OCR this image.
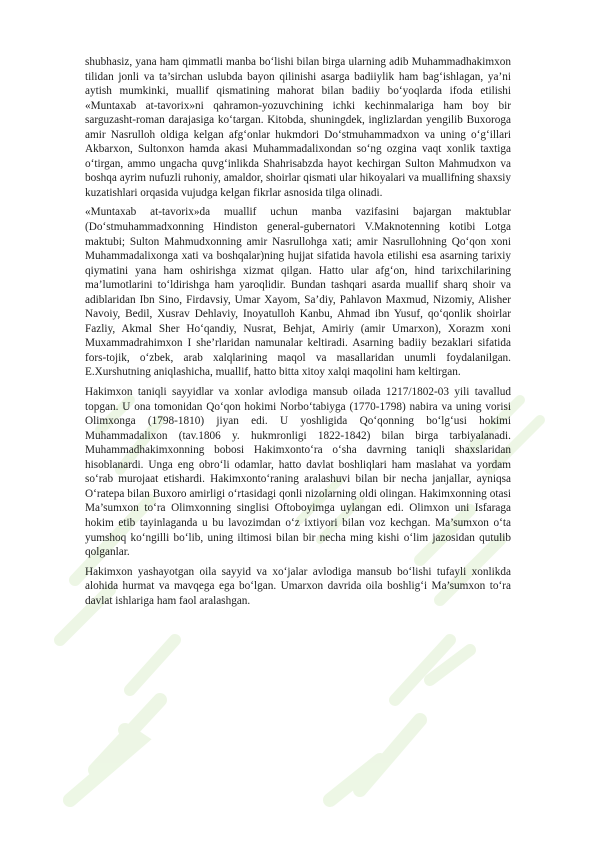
shubhasiz, yana ham qimmatli manba bo‘lishi bilan birga ularning adib Muhammadhakimxon tilidan jonli va ta’sirchan uslubda bayon qilinishi asarga badiiylik ham bag‘ishlagan, ya’ni aytish mumkinki, muallif qismatining mahorat bilan badiiy bo‘yoqlarda ifoda etilishi «Muntaxab at-tavorix»ni qahramon-yozuvchining ichki kechinmalariga ham boy bir sarguzasht-roman darajasiga ko‘targan. Kitobda, shuningdek, inglizlardan yengilib Buxoroga amir Nasrulloh oldiga kelgan afg‘onlar hukmdori Do‘stmuhammadxon va uning o‘g‘illari Akbarxon, Sultonxon hamda akasi Muhammadalixondan so‘ng ozgina vaqt xonlik taxtiga o‘tirgan, ammo ungacha quvg‘inlikda Shahrisabzda hayot kechirgan Sulton Mahmudxon va boshqa ayrim nufuzli ruhoniy, amaldor, shoirlar qismati ular hikoyalari va muallifning shaxsiy kuzatishlari orqasida vujudga kelgan fikrlar asnosida tilga olinadi.

«Muntaxab at-tavorix»da muallif uchun manba vazifasini bajargan maktublar (Do‘stmuhammadxonning Hindiston general-gubernatori V.Maknotenning kotibi Lotga maktubi; Sulton Mahmudxonning amir Nasrullohga xati; amir Nasrullohning Qo‘qon xoni Muhammadalixonga xati va boshqalar)ning hujjat sifatida havola etilishi esa asarning tarixiy qiymatini yana ham oshirishga xizmat qilgan. Hatto ular afg‘on, hind tarixchilarining ma’lumotlarini to‘ldirishga ham yaroqlidir. Bundan tashqari asarda muallif sharq shoir va adiblaridan Ibn Sino, Firdavsiy, Umar Xayom, Sa’diy, Pahlavon Maxmud, Nizomiy, Alisher Navoiy, Bedil, Xusrav Dehlaviy, Inoyatulloh Kanbu, Ahmad ibn Yusuf, qo‘qonlik shoirlar Fazliy, Akmal Sher Ho‘qandiy, Nusrat, Behjat, Amiriy (amir Umarxon), Xorazm xoni Muxammadrahimxon I she’rlaridan namunalar keltiradi. Asarning badiiy bezaklari sifatida fors-tojik, o‘zbek, arab xalqlarining maqol va masallaridan unumli foydalanilgan. E.Xurshutning aniqlashicha, muallif, hatto bitta xitoy xalqi maqolini ham keltirgan.

Hakimxon taniqli sayyidlar va xonlar avlodiga mansub oilada 1217/1802-03 yili tavallud topgan. U ona tomonidan Qo‘qon hokimi Norbo‘tabiyga (1770-1798) nabira va uning vorisi Olimxonga (1798-1810) jiyan edi. U yoshligida Qo‘qonning bo‘lg‘usi hokimi Muhammadalixon (tav.1806 y. hukmronligi 1822-1842) bilan birga tarbiyalanadi. Muhammadhakimxonning bobosi Hakimxonto‘ra o‘sha davrning taniqli shaxslaridan hisoblanardi. Unga eng obro‘li odamlar, hatto davlat boshliqlari ham maslahat va yordam so‘rab murojaat etishardi. Hakimxonto‘raning aralashuvi bilan bir necha janjallar, ayniqsa O‘ratepa bilan Buxoro amirligi o‘rtasidagi qonli nizolarning oldi olingan. Hakimxonning otasi Ma’sumxon to‘ra Olimxonning singlisi Oftoboyimga uylangan edi. Olimxon uni Isfaraga hokim etib tayinlaganda u bu lavozimdan o‘z ixtiyori bilan voz kechgan. Ma’sumxon o‘ta yumshoq ko‘ngilli bo‘lib, uning iltimosi bilan bir necha ming kishi o‘lim jazosidan qutulib qolganlar.

Hakimxon yashayotgan oila sayyid va xo‘jalar avlodiga mansub bo‘lishi tufayli xonlikda alohida hurmat va mavqega ega bo‘lgan. Umarxon davrida oila boshlig‘i Ma’sumxon to‘ra davlat ishlariga ham faol aralashgan.
